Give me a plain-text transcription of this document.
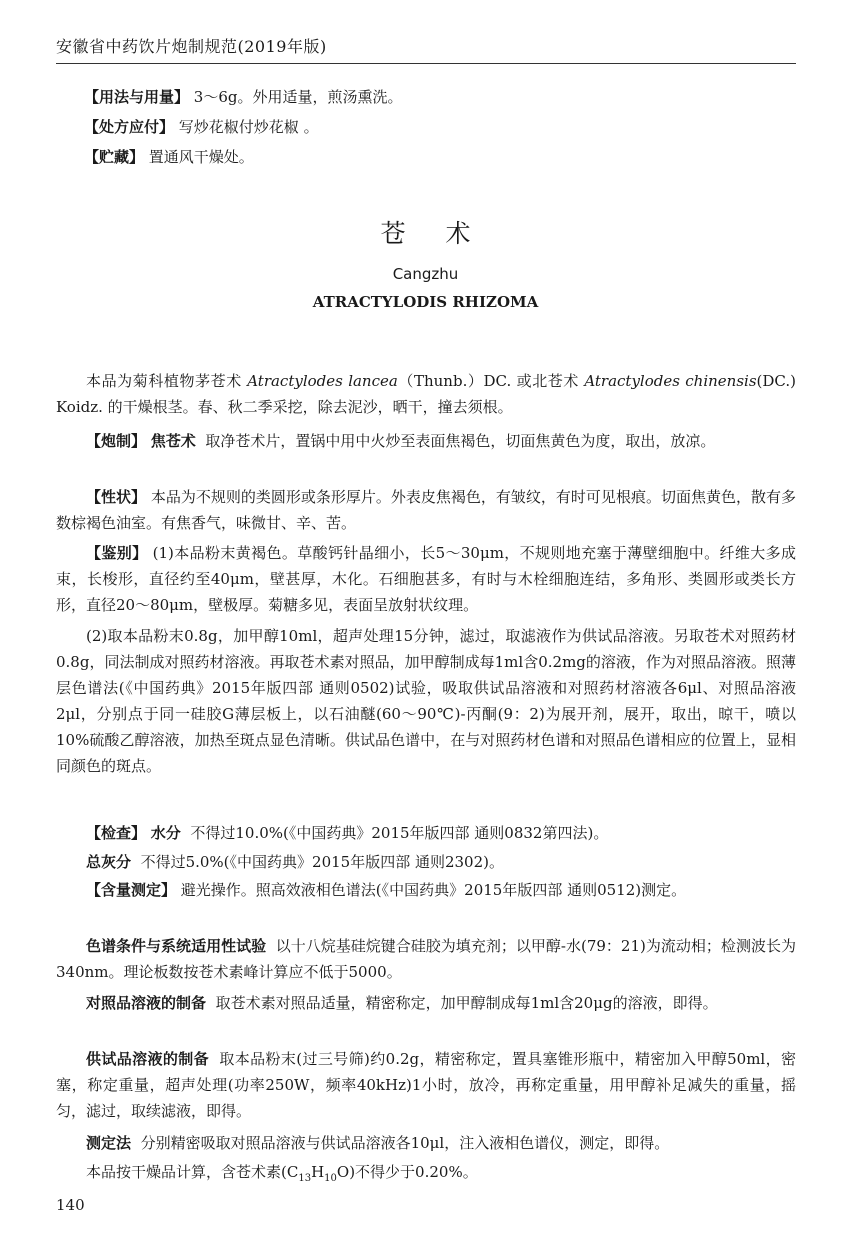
安徽省中药饮片炮制规范(2019年版)

【用法与用量】 3～6g。外用适量，煎汤熏洗。

【处方应付】 写炒花椒付炒花椒 。

【贮藏】 置通风干燥处。

苍术
Cangzhu
ATRACTYLODIS RHIZOMA

本品为菊科植物茅苍术 Atractylodes lancea（Thunb.）DC. 或北苍术 Atractylodes chinensis(DC.) Koidz. 的干燥根茎。春、秋二季采挖，除去泥沙，晒干，撞去须根。

【炮制】 焦苍术 取净苍术片，置锅中用中火炒至表面焦褐色，切面焦黄色为度，取出，放凉。

【性状】 本品为不规则的类圆形或条形厚片。外表皮焦褐色，有皱纹，有时可见根痕。切面焦黄色，散有多数棕褐色油室。有焦香气，味微甘、辛、苦。

【鉴别】 (1)本品粉末黄褐色。草酸钙针晶细小，长5～30μm，不规则地充塞于薄壁细胞中。纤维大多成束，长梭形，直径约至40μm，壁甚厚，木化。石细胞甚多，有时与木栓细胞连结，多角形、类圆形或类长方形，直径20～80μm，壁极厚。菊糖多见，表面呈放射状纹理。

(2)取本品粉末0.8g，加甲醇10ml，超声处理15分钟，滤过，取滤液作为供试品溶液。另取苍术对照药材0.8g，同法制成对照药材溶液。再取苍术素对照品，加甲醇制成每1ml含0.2mg的溶液，作为对照品溶液。照薄层色谱法(《中国药典》2015年版四部 通则0502)试验，吸取供试品溶液和对照药材溶液各6μl、对照品溶液2μl，分别点于同一硅胶G薄层板上，以石油醚(60～90℃)-丙酮(9：2)为展开剂，展开，取出，晾干，喷以10%硫酸乙醇溶液，加热至斑点显色清晰。供试品色谱中，在与对照药材色谱和对照品色谱相应的位置上，显相同颜色的斑点。

【检查】 水分 不得过10.0%(《中国药典》2015年版四部 通则0832第四法)。

总灰分 不得过5.0%(《中国药典》2015年版四部 通则2302)。

【含量测定】 避光操作。照高效液相色谱法(《中国药典》2015年版四部 通则0512)测定。

色谱条件与系统适用性试验 以十八烷基硅烷键合硅胶为填充剂；以甲醇-水(79：21)为流动相；检测波长为340nm。理论板数按苍术素峰计算应不低于5000。

对照品溶液的制备 取苍术素对照品适量，精密称定，加甲醇制成每1ml含20μg的溶液，即得。

供试品溶液的制备 取本品粉末(过三号筛)约0.2g，精密称定，置具塞锥形瓶中，精密加入甲醇50ml，密塞，称定重量，超声处理(功率250W，频率40kHz)1小时，放冷，再称定重量，用甲醇补足减失的重量，摇匀，滤过，取续滤液，即得。

测定法 分别精密吸取对照品溶液与供试品溶液各10μl，注入液相色谱仪，测定，即得。

本品按干燥品计算，含苍术素$(C_{13}H_{10}O)$不得少于0.20%。

140
